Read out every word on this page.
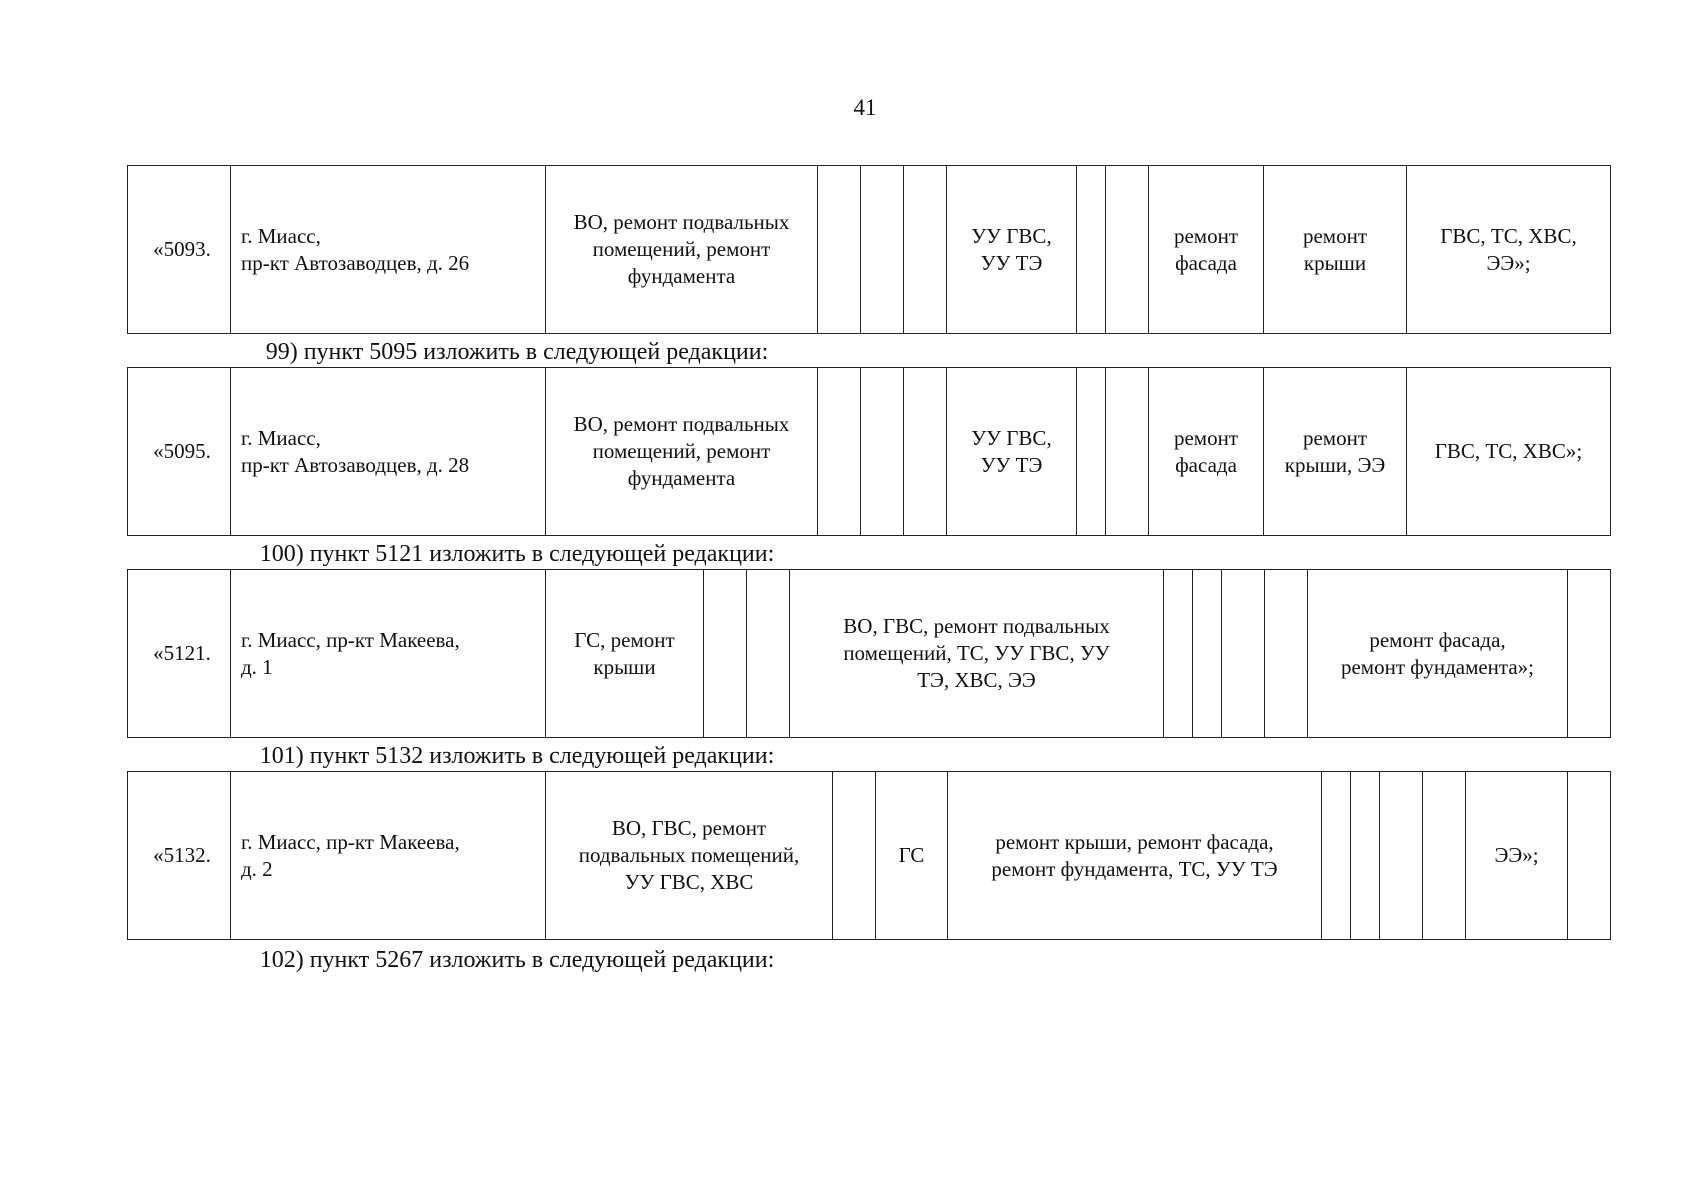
41
«5093.	г. Миасс,
пр-кт Автозаводцев, д. 26	ВО, ремонт подвальных
помещений, ремонт
фундамента				УУ ГВС,
УУ ТЭ			ремонт
фасада	ремонт
крыши	ГВС, ТС, ХВС,
ЭЭ»;
99) пункт 5095 изложить в следующей редакции:
«5095.	г. Миасс,
пр-кт Автозаводцев, д. 28	ВО, ремонт подвальных
помещений, ремонт
фундамента				УУ ГВС,
УУ ТЭ			ремонт
фасада	ремонт
крыши, ЭЭ	ГВС, ТС, ХВС»;
100) пункт 5121 изложить в следующей редакции:
«5121.	г. Миасс, пр-кт Макеева,
д. 1	ГС, ремонт
крыши			ВО, ГВС, ремонт подвальных
помещений, ТС, УУ ГВС, УУ
ТЭ, ХВС, ЭЭ					ремонт фасада,
ремонт фундамента»;	
101) пункт 5132 изложить в следующей редакции:
«5132.	г. Миасс, пр-кт Макеева,
д. 2	ВО, ГВС, ремонт
подвальных помещений,
УУ ГВС, ХВС		ГС	ремонт крыши, ремонт фасада,
ремонт фундамента, ТС, УУ ТЭ					ЭЭ»;	
102) пункт 5267 изложить в следующей редакции:
